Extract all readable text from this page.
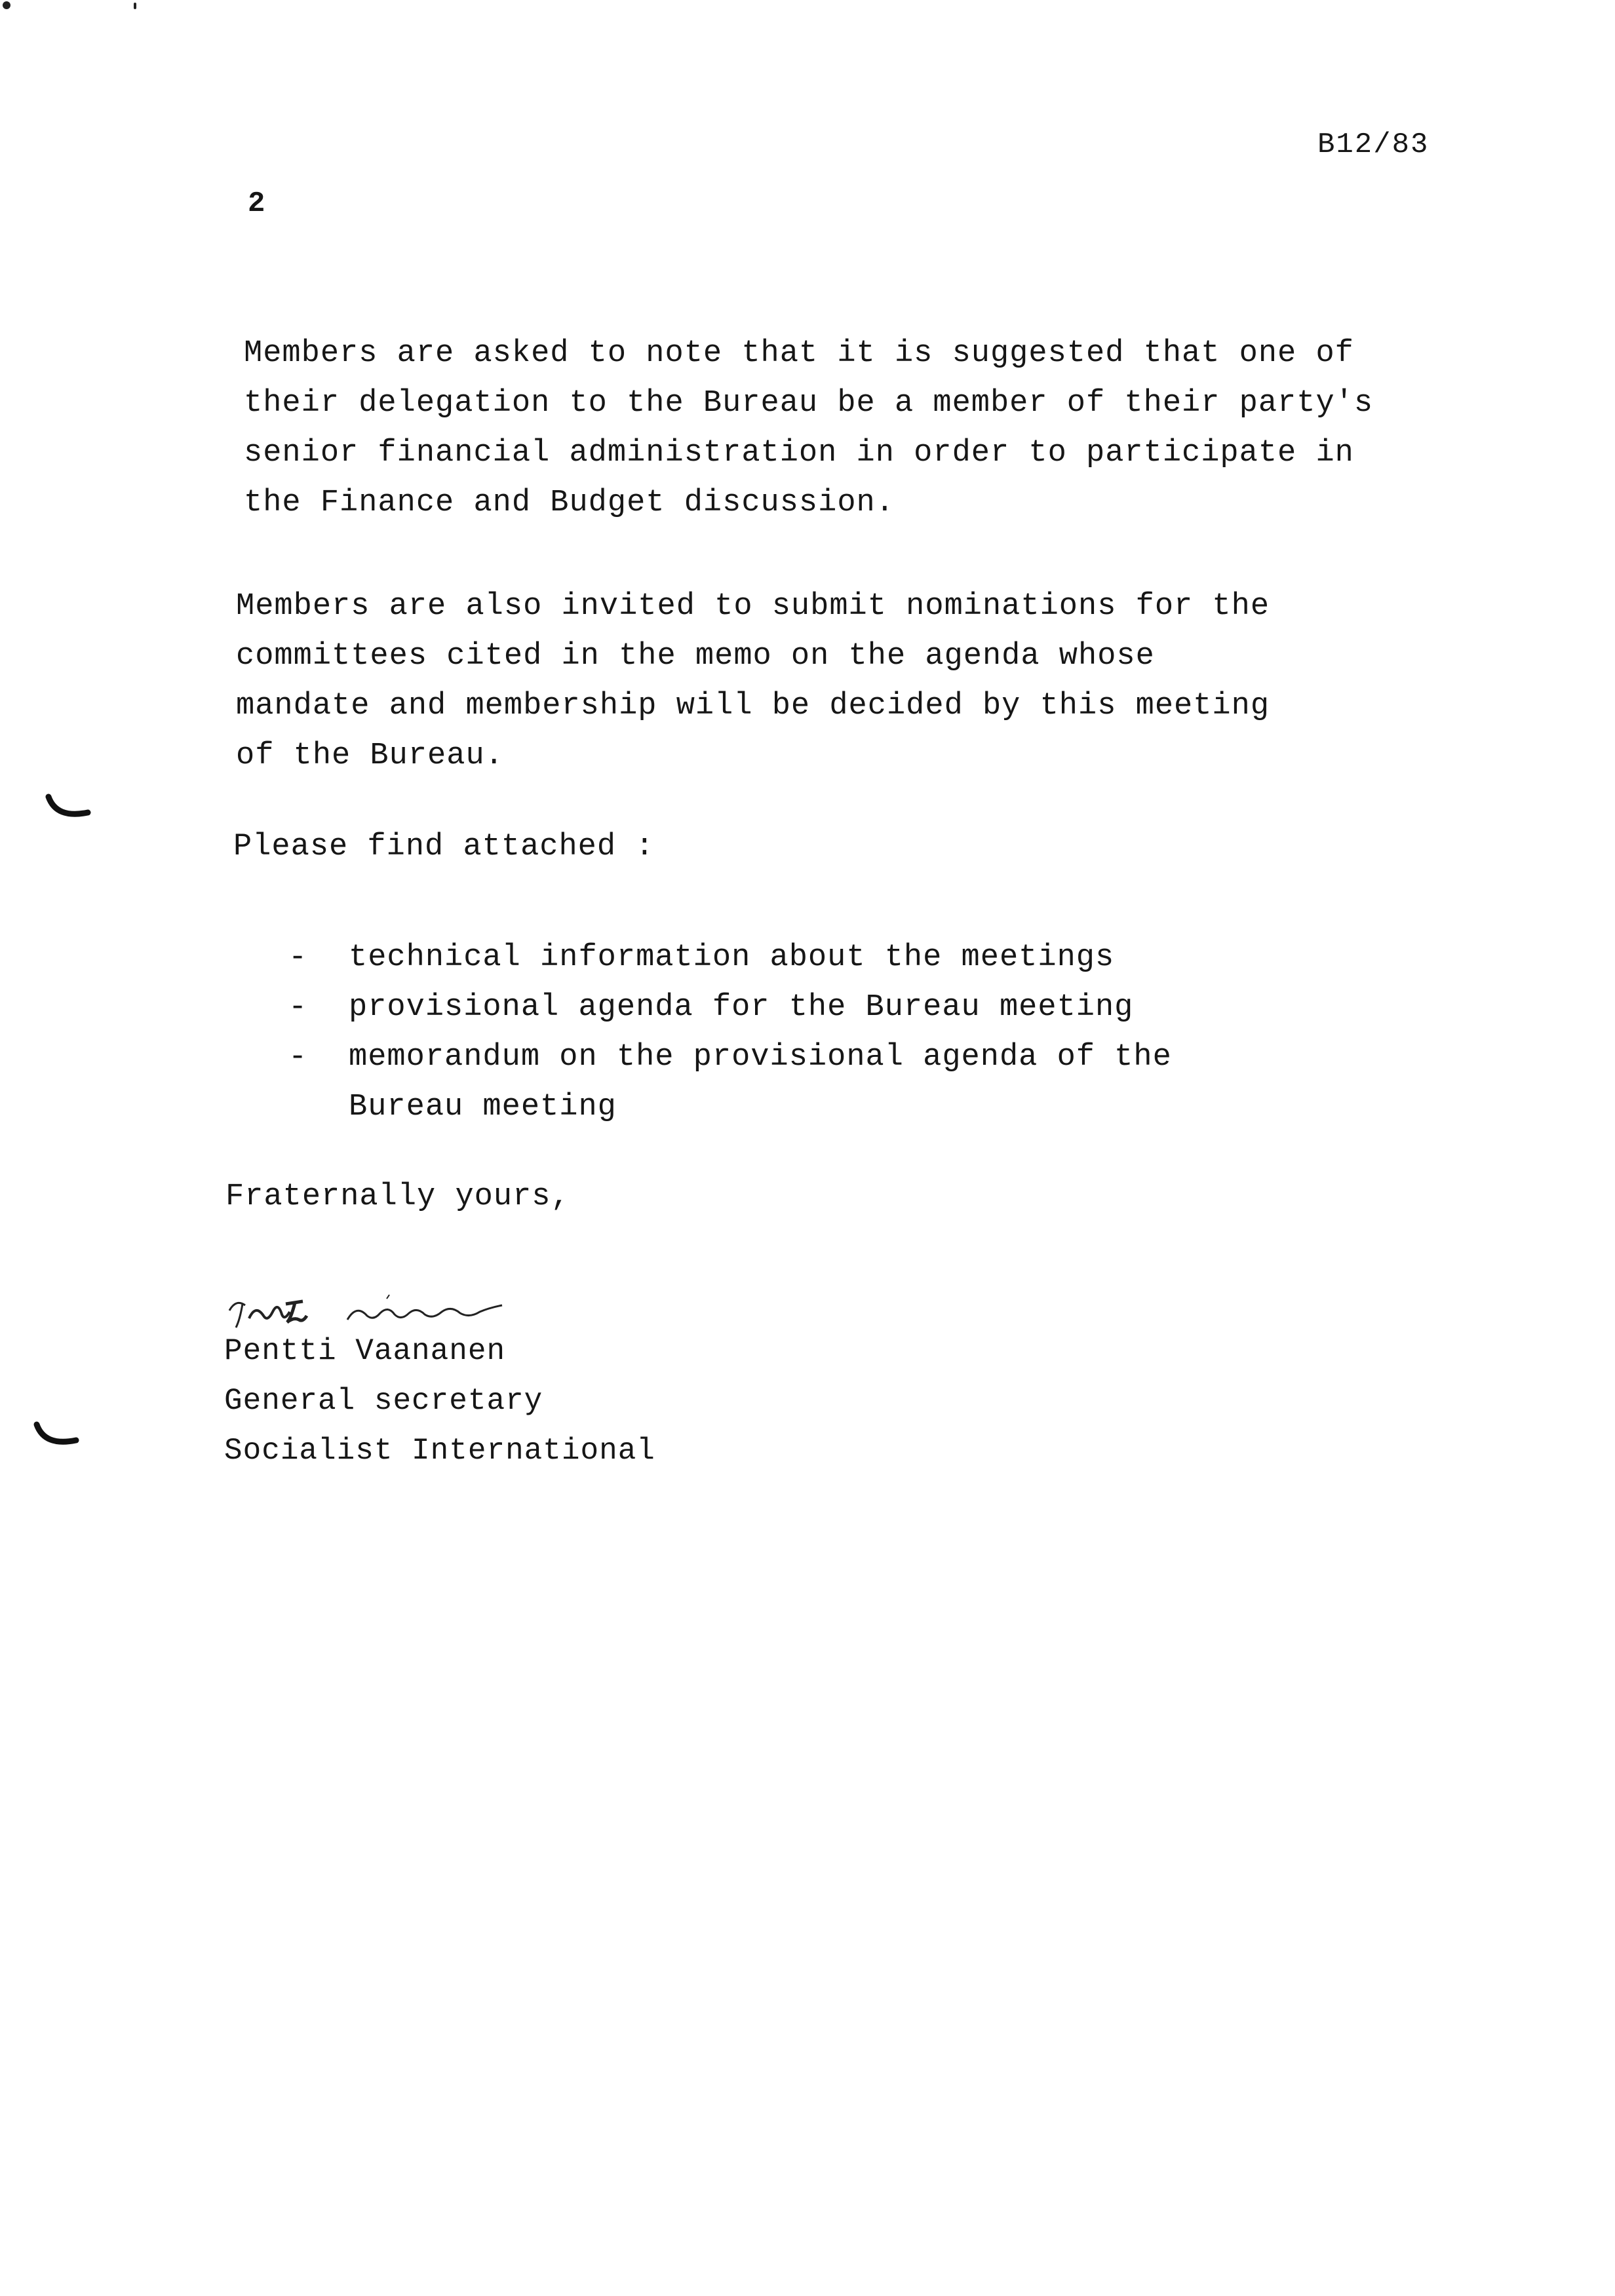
B12/83
2

Members are asked to note that it is suggested that one of
their delegation to the Bureau be a member of their party's
senior financial administration in order to participate in
the Finance and Budget discussion.

Members are also invited to submit nominations for the
committees cited in the memo on the agenda whose
mandate and membership will be decided by this meeting
of the Bureau.

Please find attached :
- technical information about the meetings
- provisional agenda for the Bureau meeting
- memorandum on the provisional agenda of the
Bureau meeting
Fraternally yours,
Pentti Vaananen
General secretary
Socialist International
